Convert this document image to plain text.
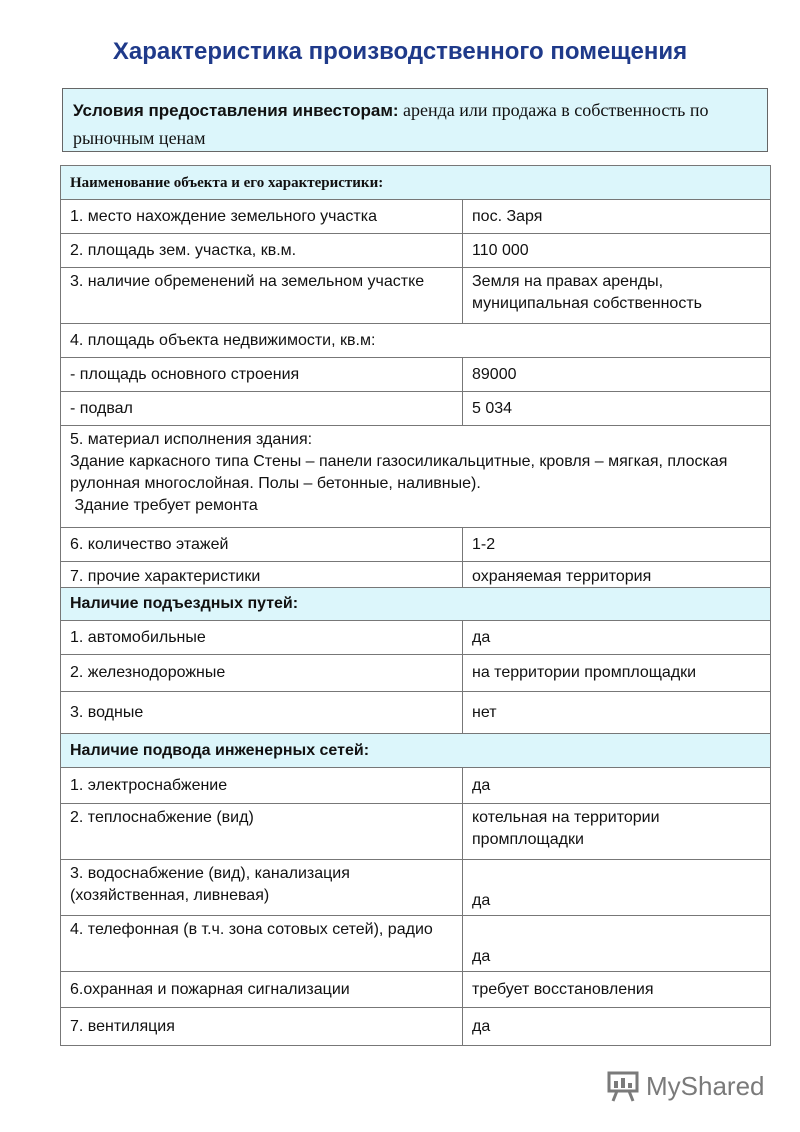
Характеристика производственного помещения
Условия предоставления инвесторам: аренда или продажа в собственность по рыночным ценам
Наименование объекта и его характеристики:	
1. место нахождение земельного участка	пос. Заря
2. площадь зем. участка, кв.м.	110 000
3. наличие обременений на земельном участке	Земля на правах аренды, муниципальная собственность
4. площадь объекта недвижимости, кв.м:	
- площадь основного строения	89000
- подвал	5 034

5. материал исполнения здания:
Здание каркасного типа Стены – панели газосиликальцитные, кровля – мягкая, плоская рулонная многослойная. Полы – бетонные, наливные).
Здание требует ремонта	

6. количество этажей	1-2
7. прочие характеристики	охраняемая территория
Наличие подъездных путей:	
1. автомобильные	да
2. железнодорожные	на территории промплощадки
3. водные	нет
Наличие подвода инженерных сетей:	
1. электроснабжение	да
2. теплоснабжение (вид)	котельная на территории промплощадки
3. водоснабжение (вид), канализация (хозяйственная, ливневая)	да
4. телефонная (в т.ч. зона сотовых сетей), радио	да
6.охранная и пожарная сигнализации	требует восстановления
7. вентиляция	да
MyShared
